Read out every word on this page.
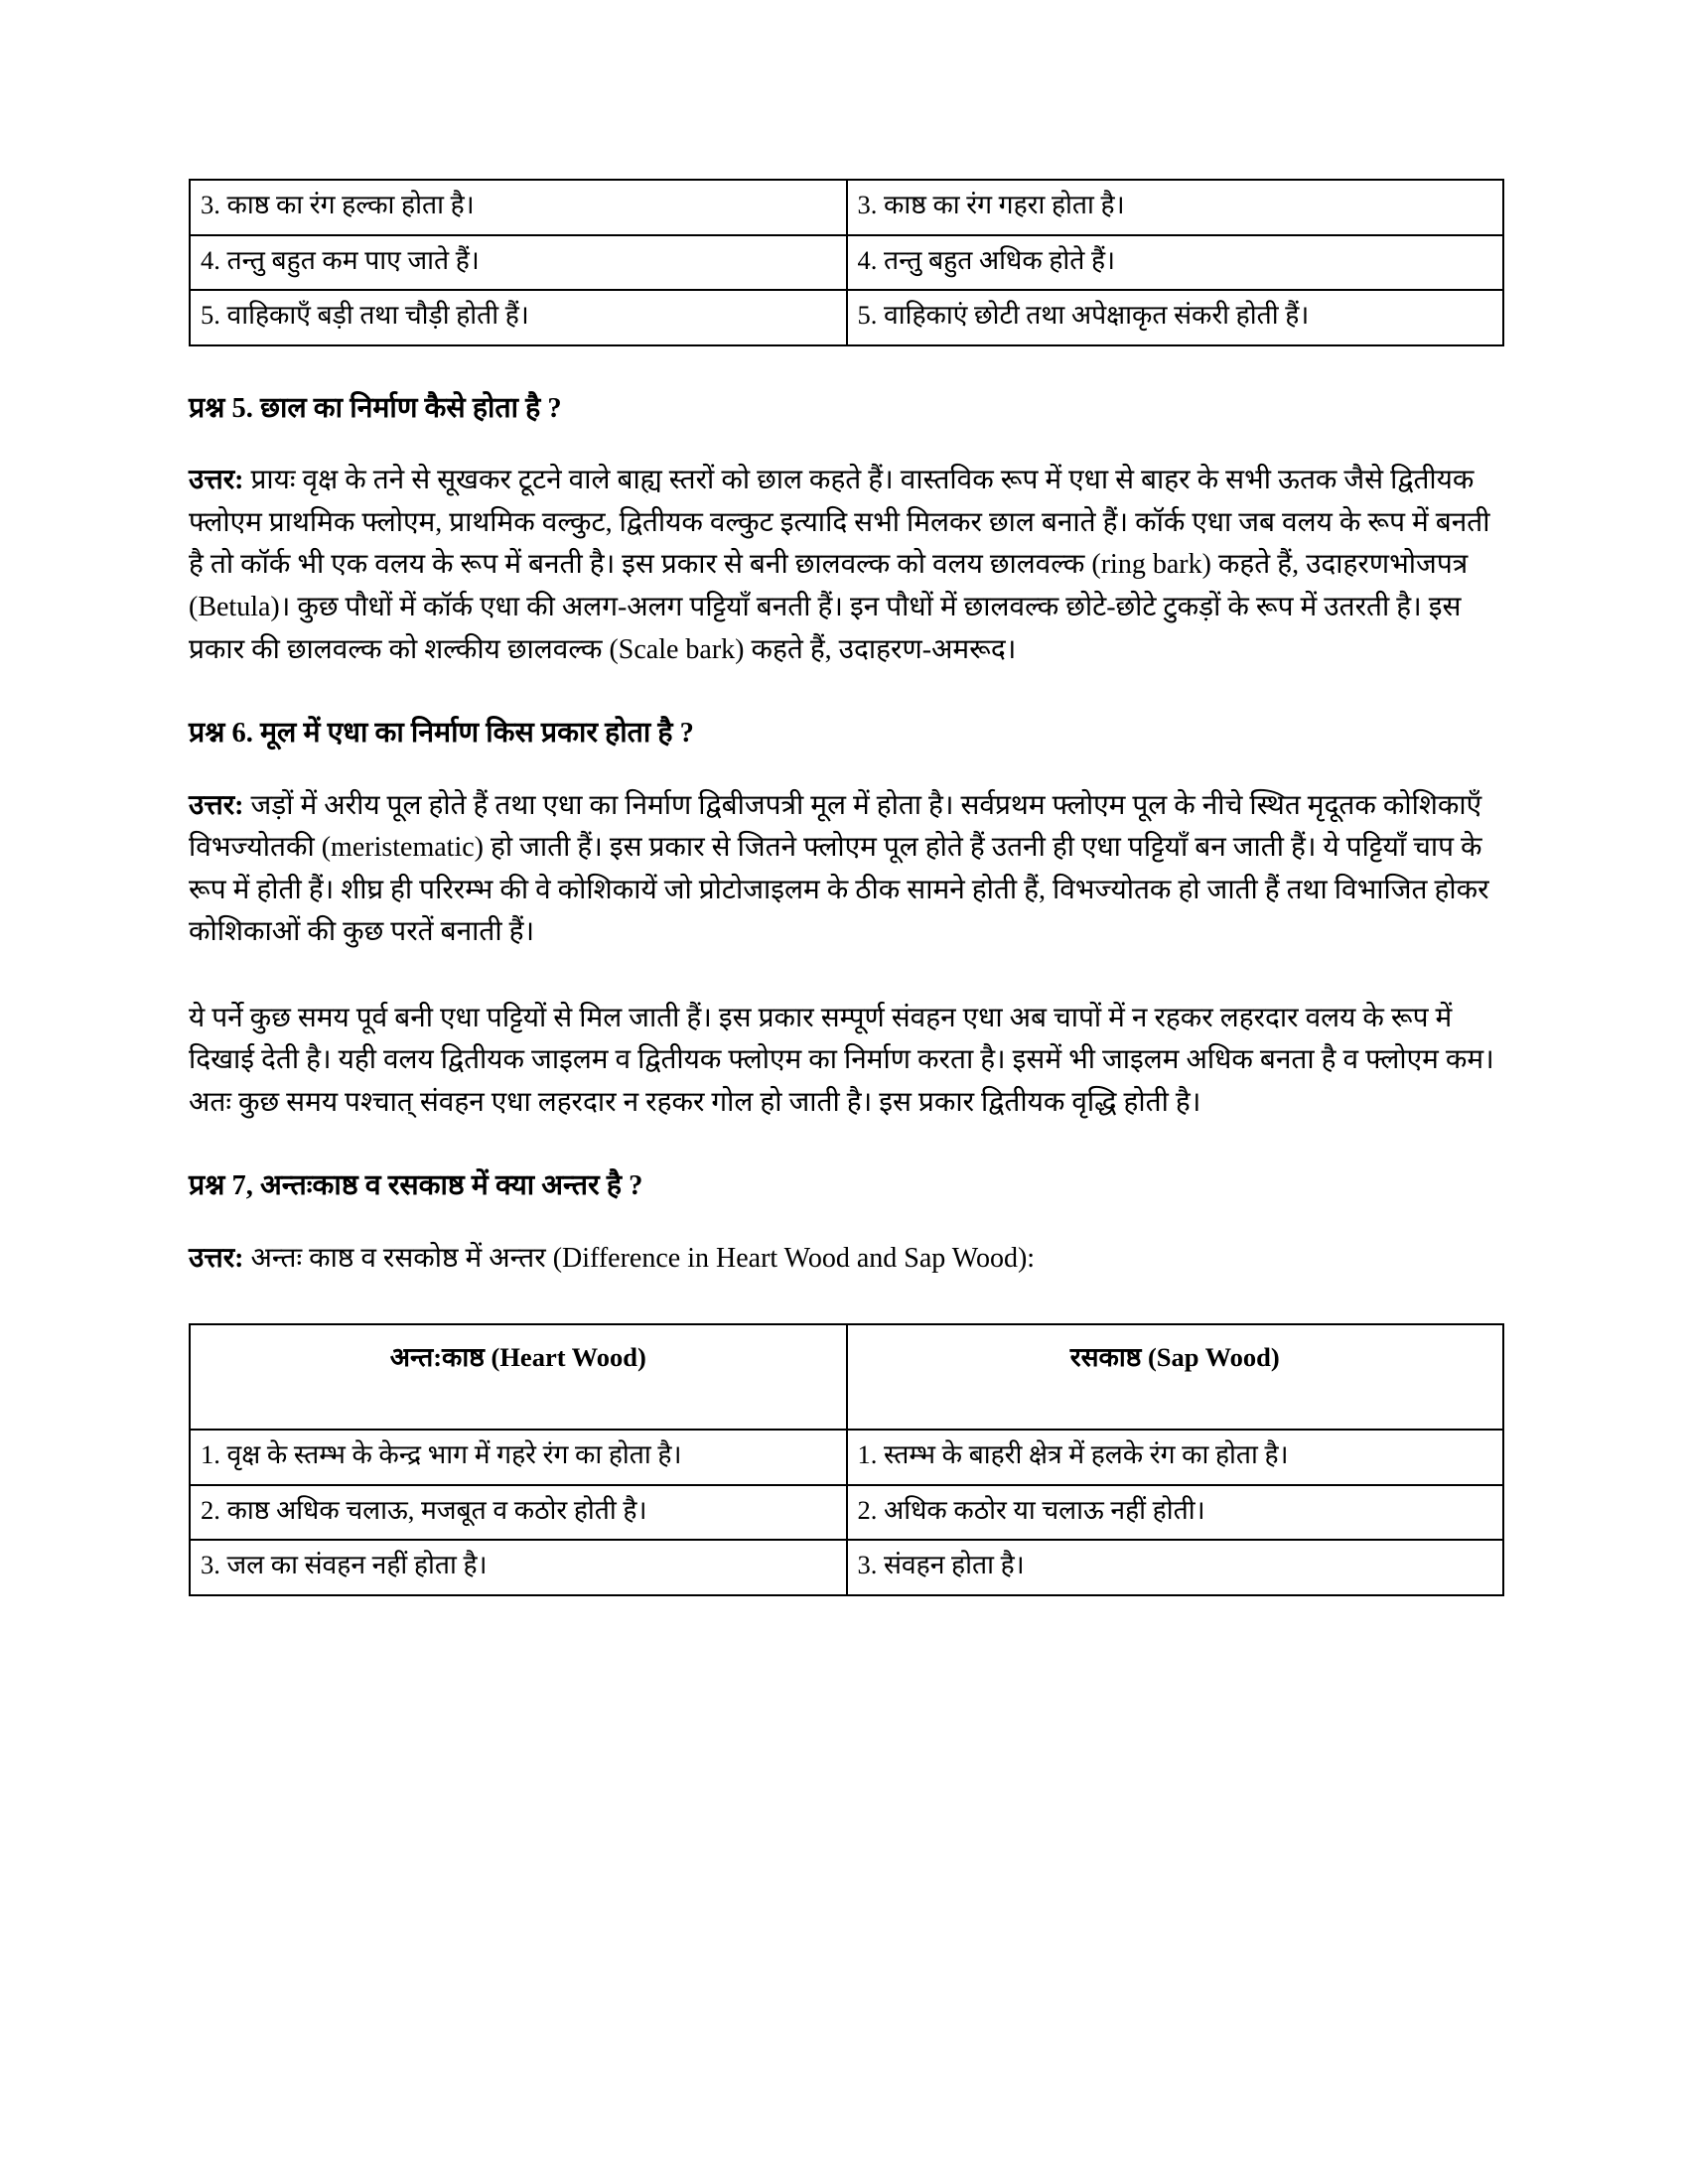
3. काष्ठ का रंग हल्का होता है।	3. काष्ठ का रंग गहरा होता है।
4. तन्तु बहुत कम पाए जाते हैं।	4. तन्तु बहुत अधिक होते हैं।
5. वाहिकाएँ बड़ी तथा चौड़ी होती हैं।	5. वाहिकाएं छोटी तथा अपेक्षाकृत संकरी होती हैं।

प्रश्न 5. छाल का निर्माण कैसे होता है ?

उत्तर: प्रायः वृक्ष के तने से सूखकर टूटने वाले बाह्य स्तरों को छाल कहते हैं। वास्तविक रूप में एधा से बाहर के सभी ऊतक जैसे द्वितीयक फ्लोएम प्राथमिक फ्लोएम, प्राथमिक वल्कुट, द्वितीयक वल्कुट इत्यादि सभी मिलकर छाल बनाते हैं। कॉर्क एधा जब वलय के रूप में बनती है तो कॉर्क भी एक वलय के रूप में बनती है। इस प्रकार से बनी छालवल्क को वलय छालवल्क (ring bark) कहते हैं, उदाहरणभोजपत्र (Betula)। कुछ पौधों में कॉर्क एधा की अलग-अलग पट्टियाँ बनती हैं। इन पौधों में छालवल्क छोटे-छोटे टुकड़ों के रूप में उतरती है। इस प्रकार की छालवल्क को शल्कीय छालवल्क (Scale bark) कहते हैं, उदाहरण-अमरूद।

प्रश्न 6. मूल में एधा का निर्माण किस प्रकार होता है ?

उत्तर: जड़ों में अरीय पूल होते हैं तथा एधा का निर्माण द्विबीजपत्री मूल में होता है। सर्वप्रथम फ्लोएम पूल के नीचे स्थित मृदूतक कोशिकाएँ विभज्योतकी (meristematic) हो जाती हैं। इस प्रकार से जितने फ्लोएम पूल होते हैं उतनी ही एधा पट्टियाँ बन जाती हैं। ये पट्टियाँ चाप के रूप में होती हैं। शीघ्र ही परिरम्भ की वे कोशिकायें जो प्रोटोजाइलम के ठीक सामने होती हैं, विभज्योतक हो जाती हैं तथा विभाजित होकर कोशिकाओं की कुछ परतें बनाती हैं।

ये पर्ने कुछ समय पूर्व बनी एधा पट्टियों से मिल जाती हैं। इस प्रकार सम्पूर्ण संवहन एधा अब चापों में न रहकर लहरदार वलय के रूप में दिखाई देती है। यही वलय द्वितीयक जाइलम व द्वितीयक फ्लोएम का निर्माण करता है। इसमें भी जाइलम अधिक बनता है व फ्लोएम कम। अतः कुछ समय पश्चात् संवहन एधा लहरदार न रहकर गोल हो जाती है। इस प्रकार द्वितीयक वृद्धि होती है।

प्रश्न 7, अन्तःकाष्ठ व रसकाष्ठ में क्या अन्तर है ?

उत्तर: अन्तः काष्ठ व रसकोष्ठ में अन्तर (Difference in Heart Wood and Sap Wood):

अन्त:काष्ठ (Heart Wood)	रसकाष्ठ (Sap Wood)
1. वृक्ष के स्तम्भ के केन्द्र भाग में गहरे रंग का होता है।	1. स्तम्भ के बाहरी क्षेत्र में हलके रंग का होता है।
2. काष्ठ अधिक चलाऊ, मजबूत व कठोर होती है।	2. अधिक कठोर या चलाऊ नहीं होती।
3. जल का संवहन नहीं होता है।	3. संवहन होता है।
